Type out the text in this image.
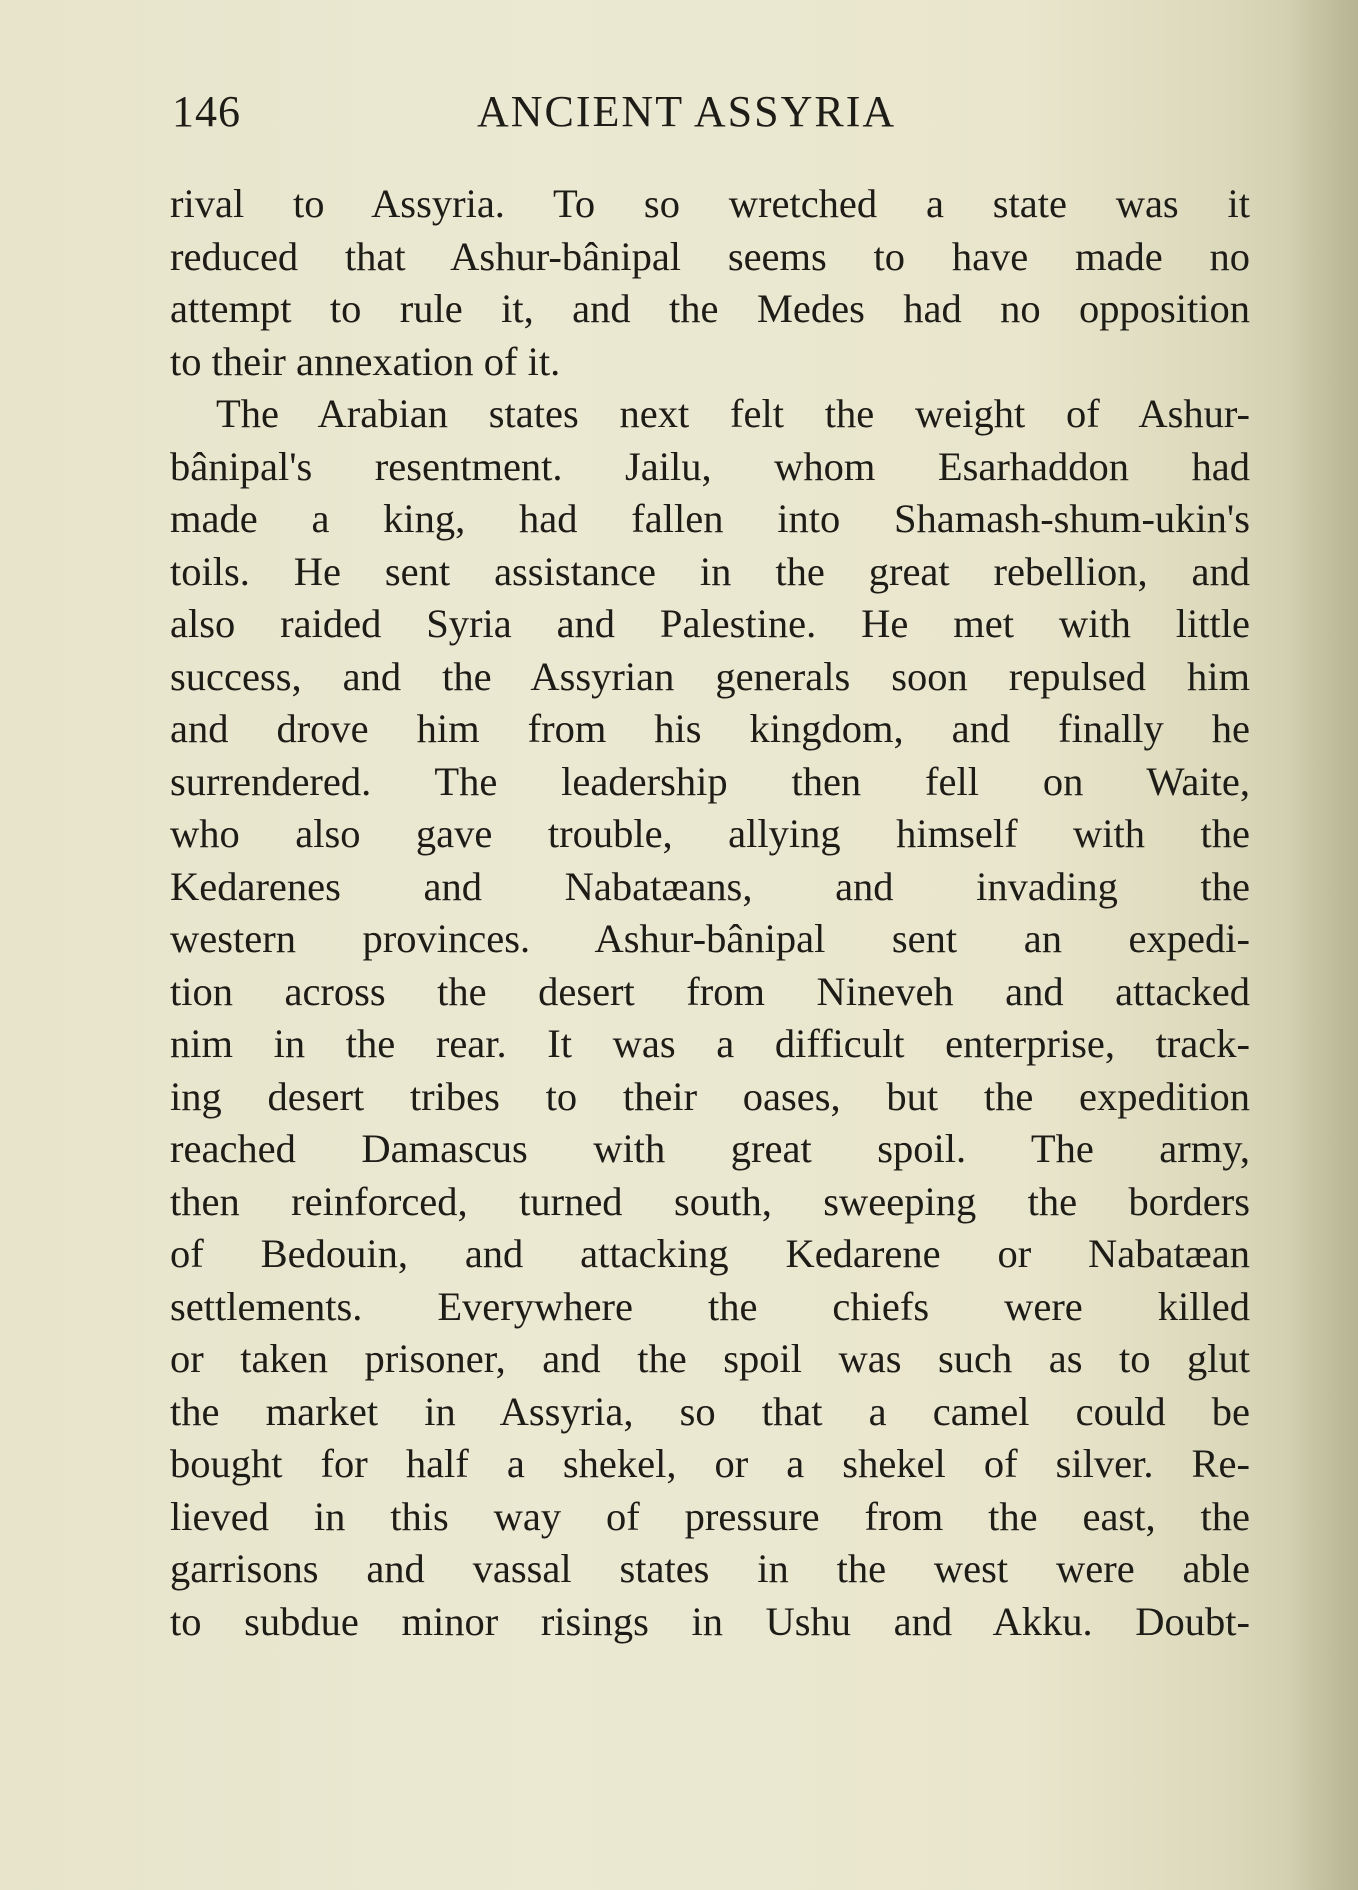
146	ANCIENT ASSYRIA
rival to Assyria. To so wretched a state was it
reduced that Ashur-bânipal seems to have made no
attempt to rule it, and the Medes had no opposition
to their annexation of it.
The Arabian states next felt the weight of Ashur-
bânipal's resentment. Jailu, whom Esarhaddon had
made a king, had fallen into Shamash-shum-ukin's
toils. He sent assistance in the great rebellion, and
also raided Syria and Palestine. He met with little
success, and the Assyrian generals soon repulsed him
and drove him from his kingdom, and finally he
surrendered. The leadership then fell on Waite,
who also gave trouble, allying himself with the
Kedarenes and Nabatæans, and invading the
western provinces. Ashur-bânipal sent an expedi-
tion across the desert from Nineveh and attacked
nim in the rear. It was a difficult enterprise, track-
ing desert tribes to their oases, but the expedition
reached Damascus with great spoil. The army,
then reinforced, turned south, sweeping the borders
of Bedouin, and attacking Kedarene or Nabatæan
settlements. Everywhere the chiefs were killed
or taken prisoner, and the spoil was such as to glut
the market in Assyria, so that a camel could be
bought for half a shekel, or a shekel of silver. Re-
lieved in this way of pressure from the east, the
garrisons and vassal states in the west were able
to subdue minor risings in Ushu and Akku. Doubt-
